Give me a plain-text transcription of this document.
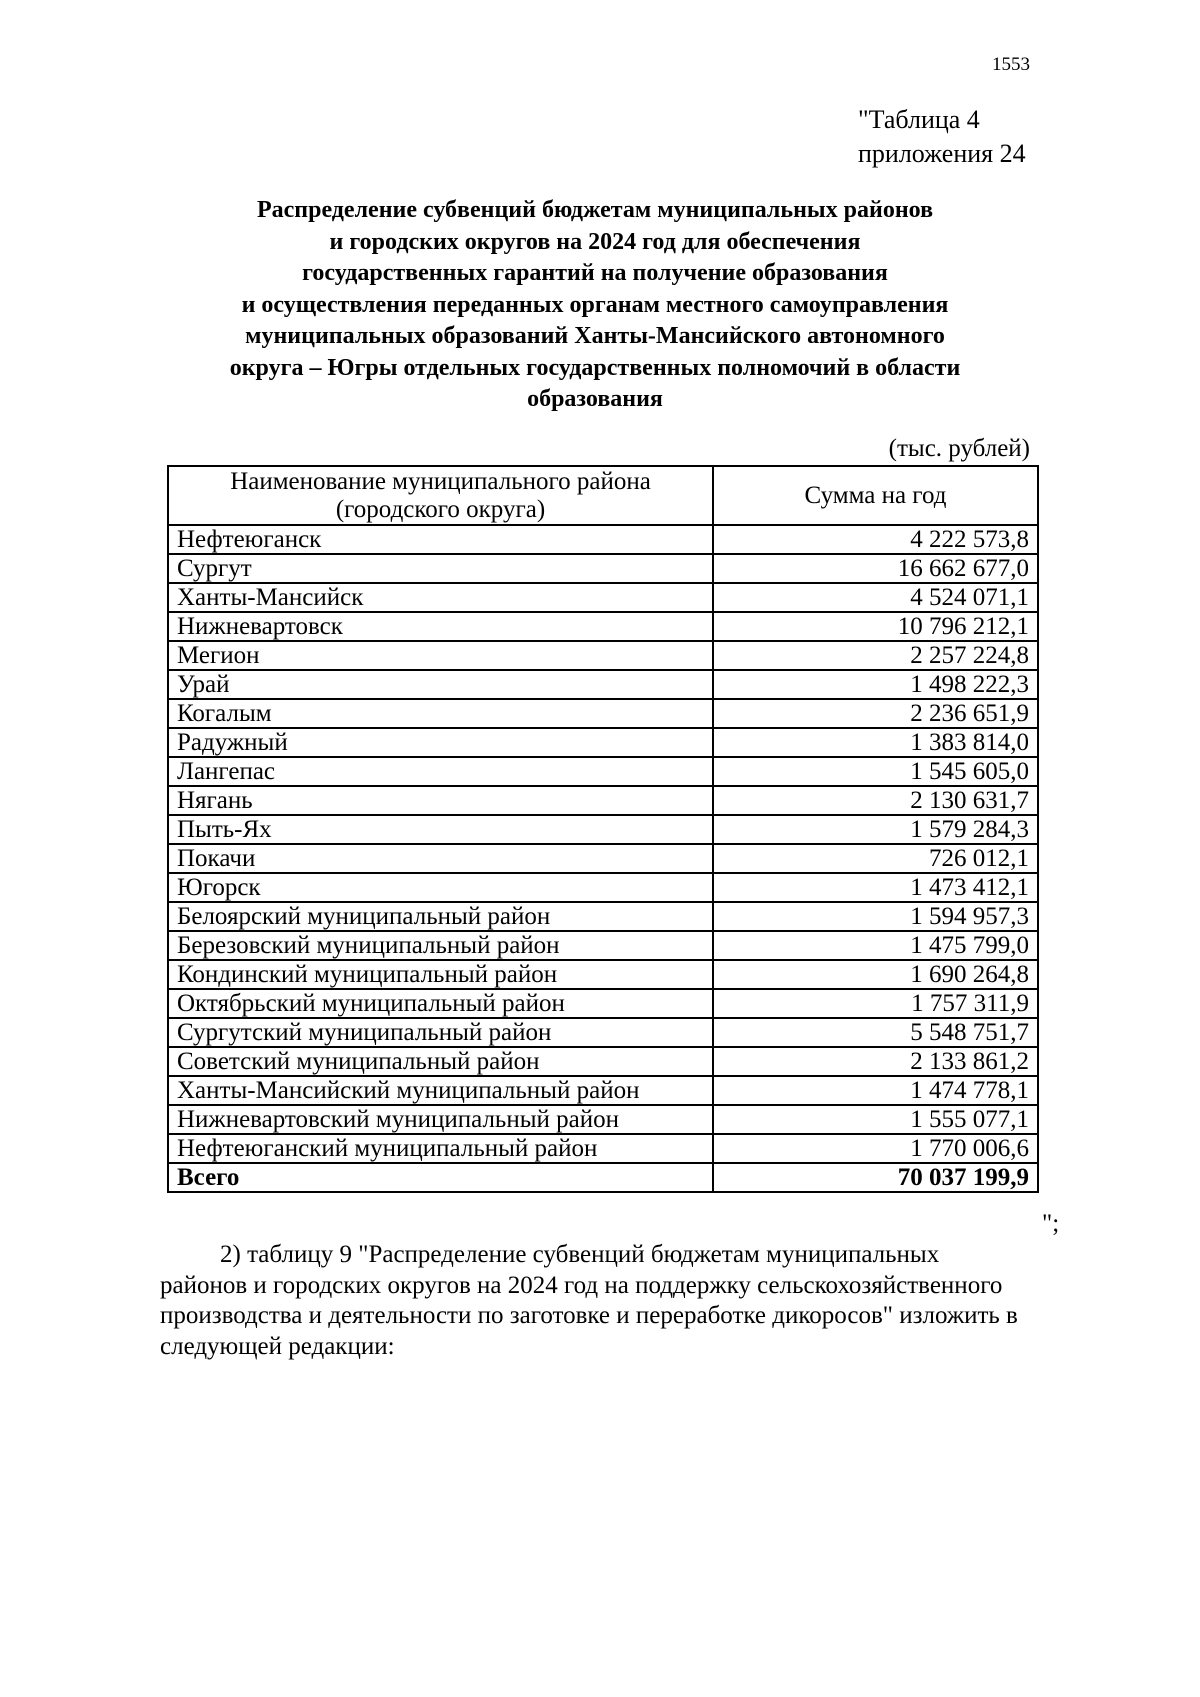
1553
"Таблица 4
приложения 24
Распределение субвенций бюджетам муниципальных районов
и городских округов на 2024 год для обеспечения
государственных гарантий на получение образования
и осуществления переданных органам местного самоуправления
муниципальных образований Ханты-Мансийского автономного
округа – Югры отдельных государственных полномочий в области
образования
(тыс. рублей)
Наименование муниципального района
(городского округа)	Сумма на год
Нефтеюганск	4 222 573,8
Сургут	16 662 677,0
Ханты-Мансийск	4 524 071,1
Нижневартовск	10 796 212,1
Мегион	2 257 224,8
Урай	1 498 222,3
Когалым	2 236 651,9
Радужный	1 383 814,0
Лангепас	1 545 605,0
Нягань	2 130 631,7
Пыть-Ях	1 579 284,3
Покачи	726 012,1
Югорск	1 473 412,1
Белоярский муниципальный район	1 594 957,3
Березовский муниципальный район	1 475 799,0
Кондинский муниципальный район	1 690 264,8
Октябрьский муниципальный район	1 757 311,9
Сургутский муниципальный район	5 548 751,7
Советский муниципальный район	2 133 861,2
Ханты-Мансийский муниципальный район	1 474 778,1
Нижневартовский муниципальный район	1 555 077,1
Нефтеюганский муниципальный район	1 770 006,6
Всего	70 037 199,9
";
2) таблицу 9 "Распределение субвенций бюджетам муниципальных
районов и городских округов на 2024 год на поддержку сельскохозяйственного
производства и деятельности по заготовке и переработке дикоросов" изложить в
следующей редакции:
